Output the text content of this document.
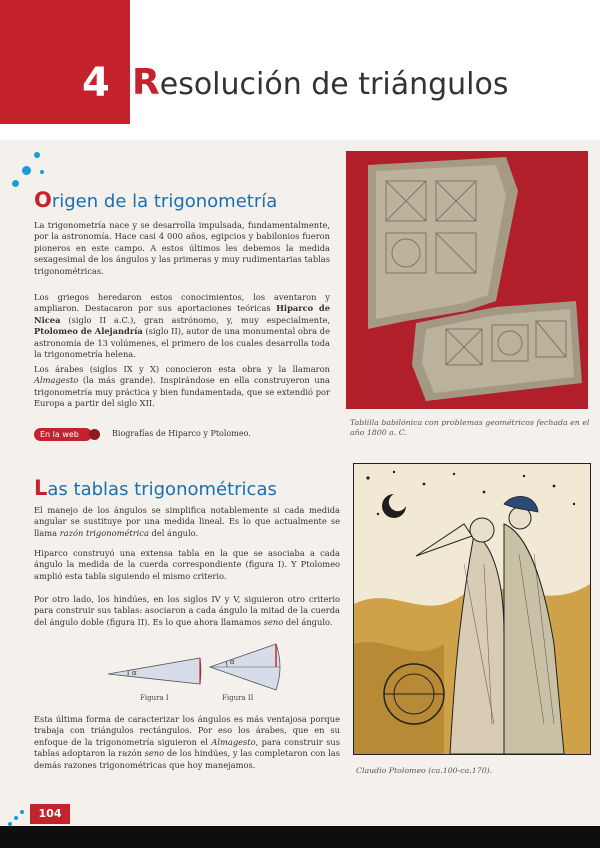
4 Resolución de triángulos
Origen de la trigonometría

La trigonometría nace y se desarrolla impulsada, fundamentalmente, por la astronomía. Hace casi 4 000 años, egipcios y babilonios fueron pioneros en este campo. A estos últimos les debemos la medida sexagesimal de los ángulos y las primeras y muy rudimentarias tablas trigonométricas.

Los griegos heredaron estos conocimientos, los aventaron y ampliaron. Destacaron por sus aportaciones teóricas Hiparco de Nicea (siglo II a.C.), gran astrónomo, y, muy especialmente, Ptolomeo de Alejandría (siglo II), autor de una monumental obra de astronomía de 13 volúmenes, el primero de los cuales desarrolla toda la trigonometría helena.

Los árabes (siglos IX y X) conocieron esta obra y la llamaron Almagesto (la más grande). Inspirándose en ella construyeron una trigonometría muy práctica y bien fundamentada, que se extendió por Europa a partir del siglo XII.

En la web	Biografías de Hiparco y Ptolomeo.
Tablilla babilónica con problemas geométricos fechada en el año 1800 a. C.
Las tablas trigonométricas

El manejo de los ángulos se simplifica notablemente si cada medida angular se sustituye por una medida lineal. Es lo que actualmente se llama razón trigonométrica del ángulo.

Hiparco construyó una extensa tabla en la que se asociaba a cada ángulo la medida de la cuerda correspondiente (figura I). Y Ptolomeo amplió esta tabla siguiendo el mismo criterio.

Por otro lado, los hindúes, en los siglos IV y V, siguieron otro criterio para construir sus tablas: asociaron a cada ángulo la mitad de la cuerda del ángulo doble (figura II). Es lo que ahora llamamos seno del ángulo.

α
Figura I
α
Figura II

Esta última forma de caracterizar los ángulos es más ventajosa porque trabaja con triángulos rectángulos. Por eso los árabes, que en su enfoque de la trigonometría siguieron el Almagesto, para construir sus tablas adoptaron la razón seno de los hindúes, y las completaron con las demás razones trigonométricas que hoy manejamos.

Claudio Ptolomeo (ca.100-ca.170).
104
